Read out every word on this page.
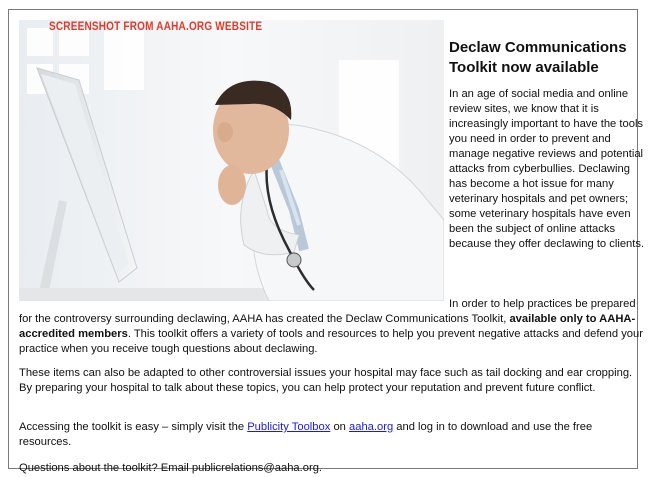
SCREENSHOT FROM AAHA.ORG WEBSITE
Declaw Communications Toolkit now available

In an age of social media and online review sites, we know that it is increasingly important to have the tools you need in order to prevent and manage negative reviews and potential attacks from cyberbullies. Declawing has become a hot issue for many veterinary hospitals and pet owners; some veterinary hospitals have even been the subject of online attacks because they offer declawing to clients.

In order to help practices be prepared

for the controversy surrounding declawing, AAHA has created the Declaw Communications Toolkit, available only to AAHA-accredited members. This toolkit offers a variety of tools and resources to help you prevent negative attacks and defend your practice when you receive tough questions about declawing.

These items can also be adapted to other controversial issues your hospital may face such as tail docking and ear cropping. By preparing your hospital to talk about these topics, you can help protect your reputation and prevent future conflict.

Accessing the toolkit is easy – simply visit the Publicity Toolbox on aaha.org and log in to download and use the free resources.

Questions about the toolkit? Email publicrelations@aaha.org.
